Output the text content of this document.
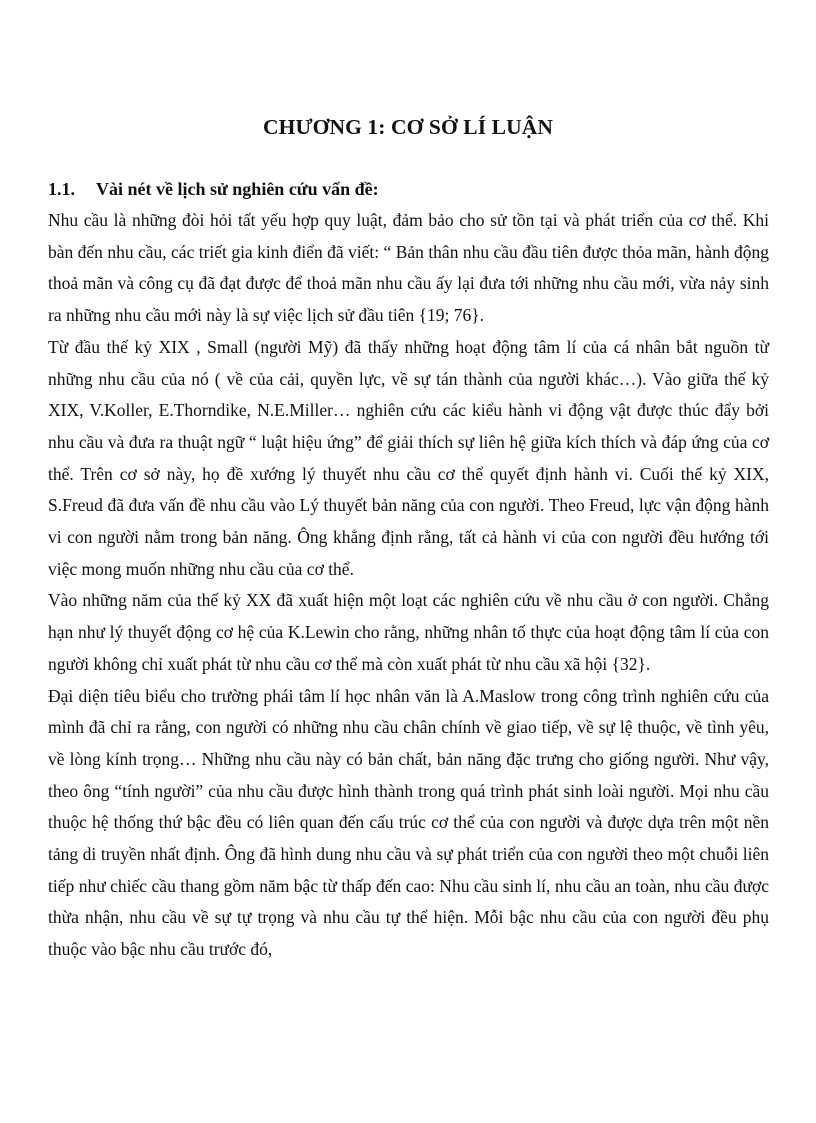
CHƯƠNG 1: CƠ SỞ LÍ LUẬN
1.1. Vài nét về lịch sử nghiên cứu vấn đề:

Nhu cầu là những đòi hỏi tất yếu hợp quy luật, đảm bảo cho sử tồn tại và phát triển của cơ thể. Khi bàn đến nhu cầu, các triết gia kinh điển đã viết: “ Bản thân nhu cầu đầu tiên được thỏa mãn, hành động thoả mãn và công cụ đã đạt được để thoả mãn nhu cầu ấy lại đưa tới những nhu cầu mới, vừa nảy sinh ra những nhu cầu mới này là sự việc lịch sử đầu tiên {19; 76}.

Từ đầu thế kỷ XIX , Small (người Mỹ) đã thấy những hoạt động tâm lí của cá nhân bắt nguồn từ những nhu cầu của nó ( về của cải, quyền lực, về sự tán thành của người khác…). Vào giữa thế kỷ XIX, V.Koller, E.Thorndike, N.E.Miller… nghiên cứu các kiểu hành vi động vật được thúc đẩy bởi nhu cầu và đưa ra thuật ngữ “ luật hiệu ứng” để giải thích sự liên hệ giữa kích thích và đáp ứng của cơ thể. Trên cơ sở này, họ đề xướng lý thuyết nhu cầu cơ thể quyết định hành vi. Cuối thế kỷ XIX, S.Freud đã đưa vấn đề nhu cầu vào Lý thuyết bản năng của con người. Theo Freud, lực vận động hành vi con người nằm trong bản năng. Ông khẳng định rằng, tất cả hành vi của con người đều hướng tới việc mong muốn những nhu cầu của cơ thể.

Vào những năm của thế kỷ XX đã xuất hiện một loạt các nghiên cứu về nhu cầu ở con người. Chẳng hạn như lý thuyết động cơ hệ của K.Lewin cho rằng, những nhân tố thực của hoạt động tâm lí của con người không chỉ xuất phát từ nhu cầu cơ thể mà còn xuất phát từ nhu cầu xã hội {32}.

Đại diện tiêu biểu cho trường phái tâm lí học nhân văn là A.Maslow trong công trình nghiên cứu của mình đã chỉ ra rằng, con người có những nhu cầu chân chính về giao tiếp, về sự lệ thuộc, về tình yêu, về lòng kính trọng… Những nhu cầu này có bản chất, bản năng đặc trưng cho giống người. Như vậy, theo ông “tính người” của nhu cầu được hình thành trong quá trình phát sinh loài người. Mọi nhu cầu thuộc hệ thống thứ bậc đều có liên quan đến cấu trúc cơ thể của con người và được dựa trên một nền tảng di truyền nhất định. Ông đã hình dung nhu cầu và sự phát triển của con người theo một chuỗi liên tiếp như chiếc cầu thang gồm năm bậc từ thấp đến cao: Nhu cầu sinh lí, nhu cầu an toàn, nhu cầu được thừa nhận, nhu cầu về sự tự trọng và nhu cầu tự thể hiện. Mỗi bậc nhu cầu của con người đều phụ thuộc vào bậc nhu cầu trước đó,
